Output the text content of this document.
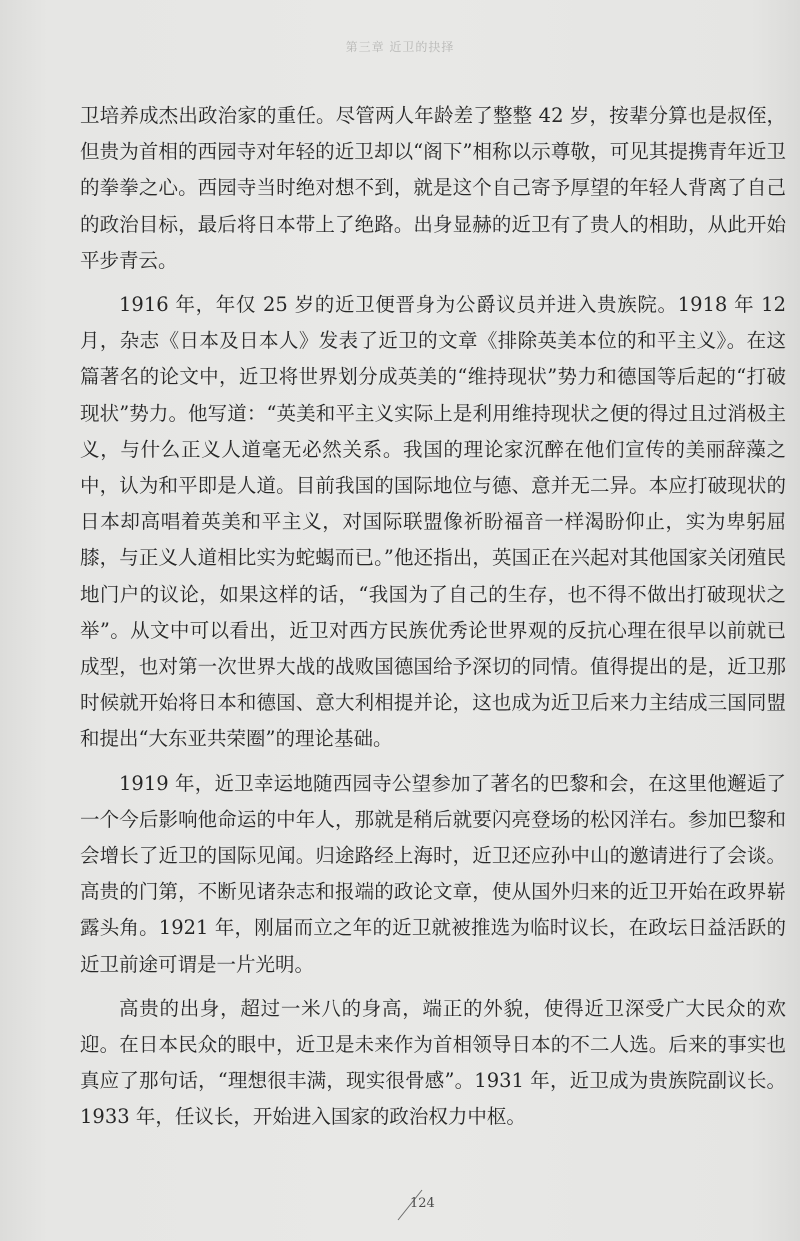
第三章 近卫的抉择

卫培养成杰出政治家的重任。尽管两人年龄差了整整 42 岁，按辈分算也是叔侄，但贵为首相的西园寺对年轻的近卫却以“阁下”相称以示尊敬，可见其提携青年近卫的拳拳之心。西园寺当时绝对想不到，就是这个自己寄予厚望的年轻人背离了自己的政治目标，最后将日本带上了绝路。出身显赫的近卫有了贵人的相助，从此开始平步青云。

1916 年，年仅 25 岁的近卫便晋身为公爵议员并进入贵族院。1918 年 12 月，杂志《日本及日本人》发表了近卫的文章《排除英美本位的和平主义》。在这篇著名的论文中，近卫将世界划分成英美的“维持现状”势力和德国等后起的“打破现状”势力。他写道：“英美和平主义实际上是利用维持现状之便的得过且过消极主义，与什么正义人道毫无必然关系。我国的理论家沉醉在他们宣传的美丽辞藻之中，认为和平即是人道。目前我国的国际地位与德、意并无二异。本应打破现状的日本却高唱着英美和平主义，对国际联盟像祈盼福音一样渴盼仰止，实为卑躬屈膝，与正义人道相比实为蛇蝎而已。”他还指出，英国正在兴起对其他国家关闭殖民地门户的议论，如果这样的话，“我国为了自己的生存，也不得不做出打破现状之举”。从文中可以看出，近卫对西方民族优秀论世界观的反抗心理在很早以前就已成型，也对第一次世界大战的战败国德国给予深切的同情。值得提出的是，近卫那时候就开始将日本和德国、意大利相提并论，这也成为近卫后来力主结成三国同盟和提出“大东亚共荣圈”的理论基础。

1919 年，近卫幸运地随西园寺公望参加了著名的巴黎和会，在这里他邂逅了一个今后影响他命运的中年人，那就是稍后就要闪亮登场的松冈洋右。参加巴黎和会增长了近卫的国际见闻。归途路经上海时，近卫还应孙中山的邀请进行了会谈。高贵的门第，不断见诸杂志和报端的政论文章，使从国外归来的近卫开始在政界崭露头角。1921 年，刚届而立之年的近卫就被推选为临时议长，在政坛日益活跃的近卫前途可谓是一片光明。

高贵的出身，超过一米八的身高，端正的外貌，使得近卫深受广大民众的欢迎。在日本民众的眼中，近卫是未来作为首相领导日本的不二人选。后来的事实也真应了那句话，“理想很丰满，现实很骨感”。1931 年，近卫成为贵族院副议长。1933 年，任议长，开始进入国家的政治权力中枢。

124
